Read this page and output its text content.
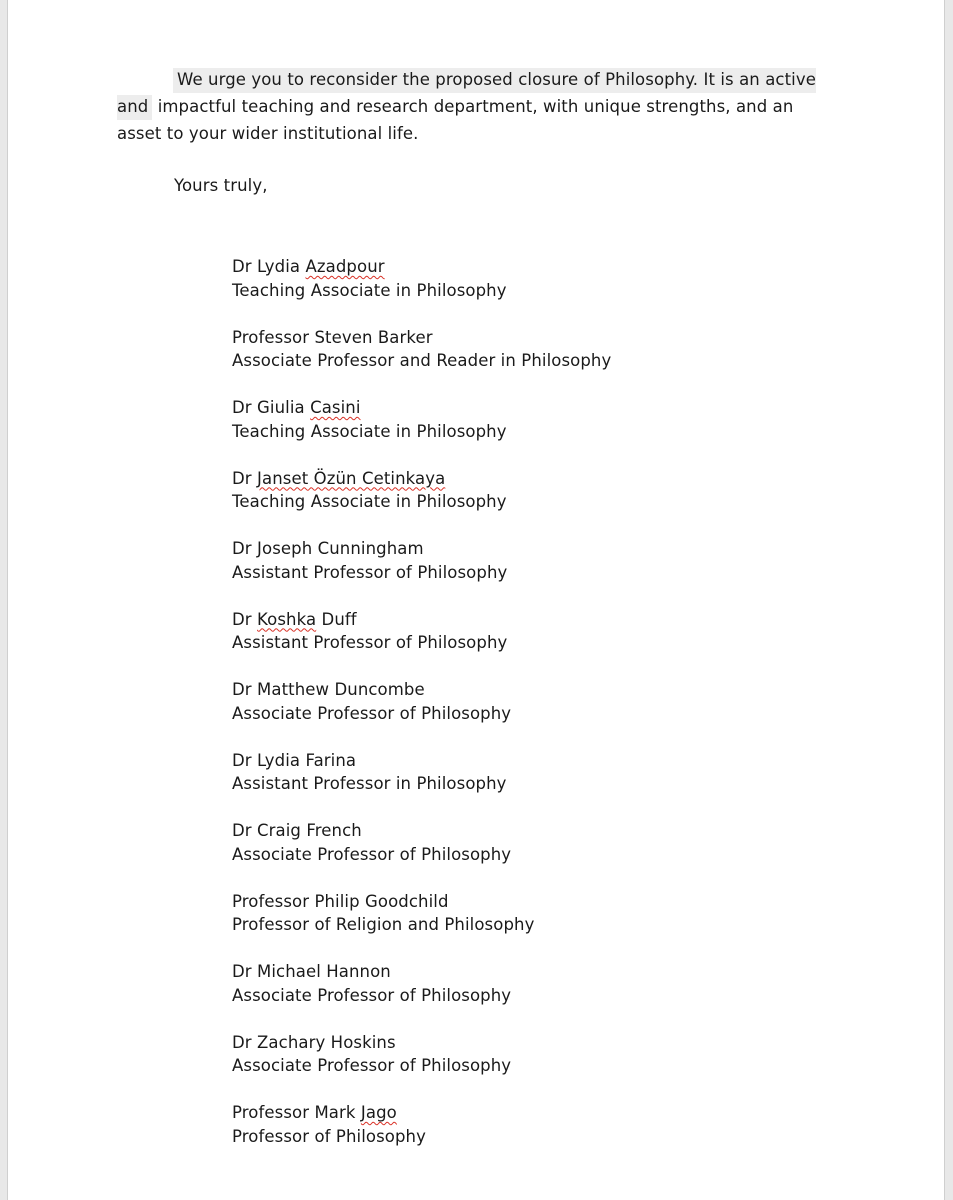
We urge you to reconsider the proposed closure of Philosophy. It is an active and impactful teaching and research department, with unique strengths, and an asset to your wider institutional life.

Yours truly,
Dr Lydia Azadpour
Teaching Associate in Philosophy
Professor Steven Barker
Associate Professor and Reader in Philosophy
Dr Giulia Casini
Teaching Associate in Philosophy
Dr Janset Özün Cetinkaya
Teaching Associate in Philosophy
Dr Joseph Cunningham
Assistant Professor of Philosophy
Dr Koshka Duff
Assistant Professor of Philosophy
Dr Matthew Duncombe
Associate Professor of Philosophy
Dr Lydia Farina
Assistant Professor in Philosophy
Dr Craig French
Associate Professor of Philosophy
Professor Philip Goodchild
Professor of Religion and Philosophy
Dr Michael Hannon
Associate Professor of Philosophy
Dr Zachary Hoskins
Associate Professor of Philosophy
Professor Mark Jago
Professor of Philosophy
